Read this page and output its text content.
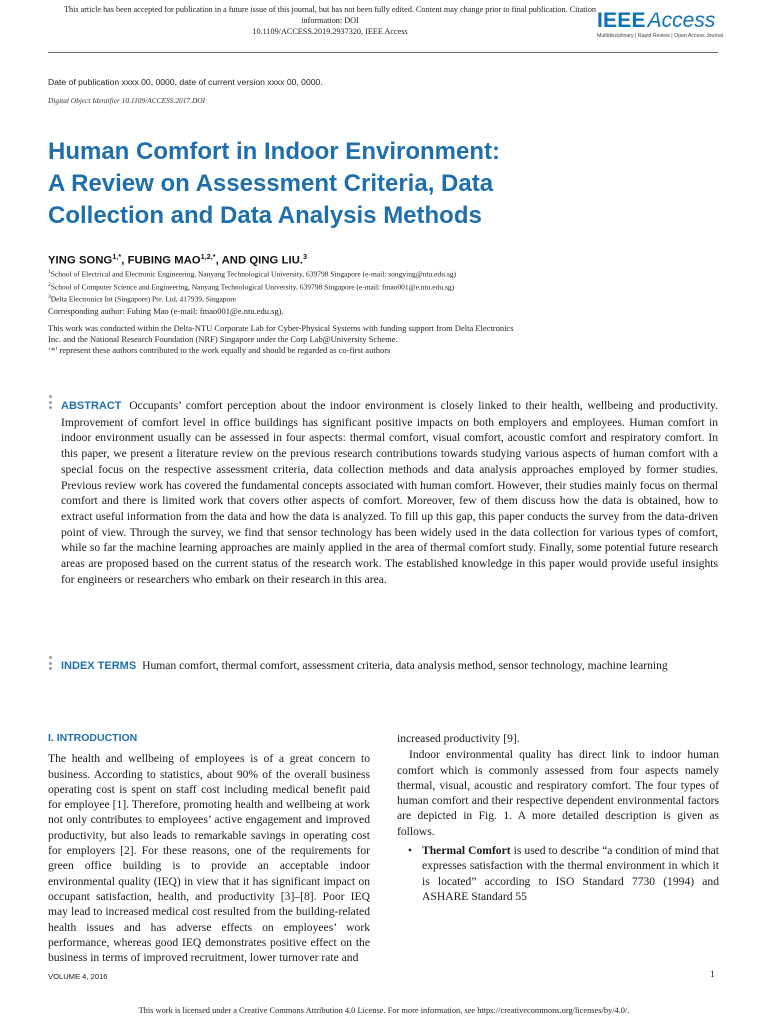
This article has been accepted for publication in a future issue of this journal, but has not been fully edited. Content may change prior to final publication. Citation information: DOI
10.1109/ACCESS.2019.2937320, IEEE Access	IEEEAccess
Multidisciplinary | Rapid Review | Open Access Journal
Date of publication xxxx 00, 0000, date of current version xxxx 00, 0000.
Digital Object Identifier 10.1109/ACCESS.2017.DOI
Human Comfort in Indoor Environment:
A Review on Assessment Criteria, Data
Collection and Data Analysis Methods
YING $SONG^{1,*}$, FUBING $MAO^{1,2,*}$, AND QING LIU.$^3$
$^1$School of Electrical and Electronic Engineering, Nanyang Technological University, 639798 Singapore (e-mail: songying@ntu.edu.sg)
$^2$School of Computer Science and Engineering, Nanyang Technological University, 639798 Singapore (e-mail: fmao001@e.ntu.edu.sg)
$^3$Delta Electronics Int (Singapore) Pte. Ltd, 417939, Singapore
Corresponding author: Fubing Mao (e-mail: fmao001@e.ntu.edu.sg).
This work was conducted within the Delta-NTU Corporate Lab for Cyber-Physical Systems with funding support from Delta Electronics
Inc. and the National Research Foundation (NRF) Singapore under the Corp Lab@University Scheme.
‘*’ represent these authors contributed to the work equally and should be regarded as co-first authors

ABSTRACT Occupants’ comfort perception about the indoor environment is closely linked to their health, wellbeing and productivity. Improvement of comfort level in office buildings has significant positive impacts on both employers and employees. Human comfort in indoor environment usually can be assessed in four aspects: thermal comfort, visual comfort, acoustic comfort and respiratory comfort. In this paper, we present a literature review on the previous research contributions towards studying various aspects of human comfort with a special focus on the respective assessment criteria, data collection methods and data analysis approaches employed by former studies. Previous review work has covered the fundamental concepts associated with human comfort. However, their studies mainly focus on thermal comfort and there is limited work that covers other aspects of comfort. Moreover, few of them discuss how the data is obtained, how to extract useful information from the data and how the data is analyzed. To fill up this gap, this paper conducts the survey from the data-driven point of view. Through the survey, we find that sensor technology has been widely used in the data collection for various types of comfort, while so far the machine learning approaches are mainly applied in the area of thermal comfort study. Finally, some potential future research areas are proposed based on the current status of the research work. The established knowledge in this paper would provide useful insights for engineers or researchers who embark on their research in this area.

INDEX TERMS Human comfort, thermal comfort, assessment criteria, data analysis method, sensor technology, machine learning

I. INTRODUCTION

The health and wellbeing of employees is of a great concern to business. According to statistics, about 90% of the overall business operating cost is spent on staff cost including medical benefit paid for employee [1]. Therefore, promoting health and wellbeing at work not only contributes to employees’ active engagement and improved productivity, but also leads to remarkable savings in operating cost for employers [2]. For these reasons, one of the requirements for green office building is to provide an acceptable indoor environmental quality (IEQ) in view that it has significant impact on occupant satisfaction, health, and productivity [3]–[8]. Poor IEQ may lead to increased medical cost resulted from the building-related health issues and has adverse effects on employees’ work performance, whereas good IEQ demonstrates positive effect on the business in terms of improved recruitment, lower turnover rate and

increased productivity [9].

Indoor environmental quality has direct link to indoor human comfort which is commonly assessed from four aspects namely thermal, visual, acoustic and respiratory comfort. The four types of human comfort and their respective dependent environmental factors are depicted in Fig. 1. A more detailed description is given as follows.

• Thermal Comfort is used to describe “a condition of mind that expresses satisfaction with the thermal environment in which it is located” according to ISO Standard 7730 (1994) and ASHARE Standard 55

VOLUME 4, 2016	1
This work is licensed under a Creative Commons Attribution 4.0 License. For more information, see https://creativecommons.org/licenses/by/4.0/.
